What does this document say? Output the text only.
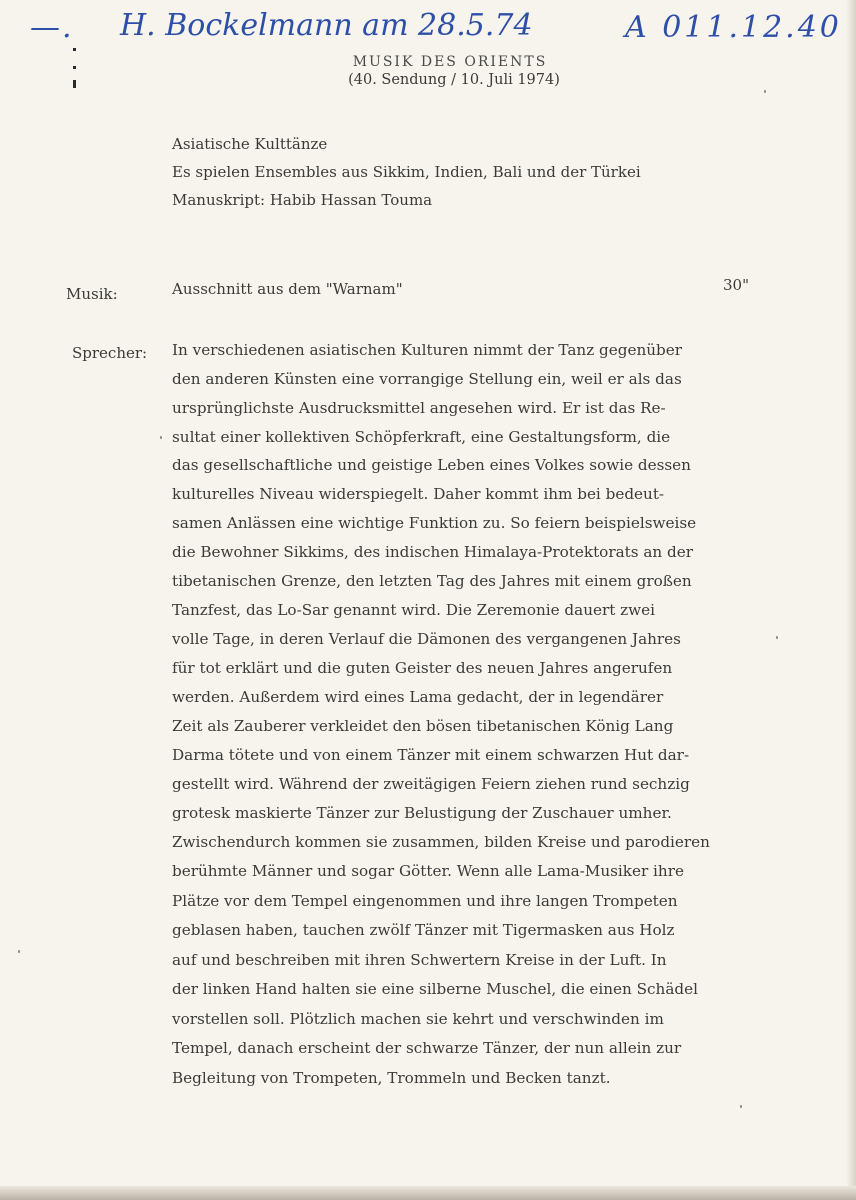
—. H. Bockelmann am 28.5.74	A 011.12.40
MUSIK DES ORIENTS
(40. Sendung / 10. Juli 1974)
Asiatische Kulttänze
Es spielen Ensembles aus Sikkim, Indien, Bali und der Türkei
Manuskript: Habib Hassan Touma
Musik:	Ausschnitt aus dem "Warnam"	30"
Sprecher: In verschiedenen asiatischen Kulturen nimmt der Tanz gegenüber
den anderen Künsten eine vorrangige Stellung ein, weil er als das
ursprünglichste Ausdrucksmittel angesehen wird. Er ist das Re-
sultat einer kollektiven Schöpferkraft, eine Gestaltungsform, die
das gesellschaftliche und geistige Leben eines Volkes sowie dessen
kulturelles Niveau widerspiegelt. Daher kommt ihm bei bedeut-
samen Anlässen eine wichtige Funktion zu. So feiern beispielsweise
die Bewohner Sikkims, des indischen Himalaya-Protektorats an der
tibetanischen Grenze, den letzten Tag des Jahres mit einem großen
Tanzfest, das Lo-Sar genannt wird. Die Zeremonie dauert zwei
volle Tage, in deren Verlauf die Dämonen des vergangenen Jahres
für tot erklärt und die guten Geister des neuen Jahres angerufen
werden. Außerdem wird eines Lama gedacht, der in legendärer
Zeit als Zauberer verkleidet den bösen tibetanischen König Lang
Darma tötete und von einem Tänzer mit einem schwarzen Hut dar-
gestellt wird. Während der zweitägigen Feiern ziehen rund sechzig
grotesk maskierte Tänzer zur Belustigung der Zuschauer umher.
Zwischendurch kommen sie zusammen, bilden Kreise und parodieren
berühmte Männer und sogar Götter. Wenn alle Lama-Musiker ihre
Plätze vor dem Tempel eingenommen und ihre langen Trompeten
geblasen haben, tauchen zwölf Tänzer mit Tigermasken aus Holz
auf und beschreiben mit ihren Schwertern Kreise in der Luft. In
der linken Hand halten sie eine silberne Muschel, die einen Schädel
vorstellen soll. Plötzlich machen sie kehrt und verschwinden im
Tempel, danach erscheint der schwarze Tänzer, der nun allein zur
Begleitung von Trompeten, Trommeln und Becken tanzt.
